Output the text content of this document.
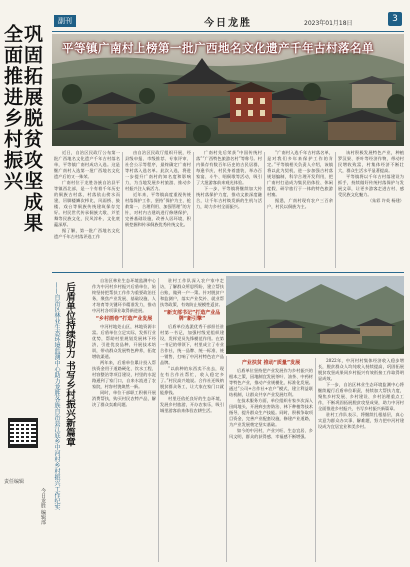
副刊	今日龙胜	2023年01月18日	3
巩固拓展脱贫攻坚成果
全面推进乡村振兴
责任编辑
今日龙胜 编辑部
平等镇广南村上榜第一批广西地名文化遗产千年古村落名单

近日，自治区民政厅公布第一批广西地名文化遗产千年古村落名单，平等镇广南村成功入选。这是继广南村入选第一批广西地名文化遗产后的又一殊荣。

广南村位于龙胜各族自治县平等镇西北部，是一个有着千年历史的侗族古村落，村落依山傍水而建，吊脚楼鳞次栉比，风雨桥、鼓楼、戏台等侗族传统建筑保存完好。村民世代传承侗族大歌、芦笙舞等民族文化，民风淳朴，文化底蕴深厚。

据了解，第一批广西地名文化遗产千年古村落评选工作

由自治区民政厅组织开展，经县级申报、市级推荐、专家评审、社会公示等程序，最终确定广南村等村落入选名单。此次入选，将进一步提升广南村的知名度和影响力，为当地发展乡村旅游、推动乡村振兴注入新活力。

近年来，平等镇高度重视传统村落保护工作，坚持“保护为主、抢救第一、合理利用、加强管理”的方针，对村内古建筑进行修缮保护，完善基础设施，改善人居环境，积极挖掘和传承侗族优秀传统文化。

广南村先后荣获“中国传统村落”“广西特色旅游名村”等称号。村内保存有数百年历史的古民居群，每逢节庆，村民身着盛装，举办百家宴、斗牛、唱侗歌等活动，吸引了大批游客前来观光体验。

下一步，平等镇将继续加大传统村落保护力度，推动文旅深度融合，让千年古村焕发新的生机与活力，助力乡村全面振兴。

“广南村入选千年古村落名单，是对我们多年来保护工作的肯定。”平等镇相关负责人介绍，该镇将以此为契机，进一步加强古村落规划编制，科学合理开发利用，把广南村打造成为集民俗体验、休闲度假、研学旅行于一体的特色旅游村寨。

据悉，广南村现有农户三百余户，村民以侗族为主。

该村积极发展特色产业，种植罗汉果、茶叶等经济作物，带动村民增收致富，村集体经济不断壮大，群众生活水平显著提高。

平等镇将以千年古村落建设为抓手，持续做好传统村落保护与发展文章，让更多游客走进古村、感受民族文化魅力。

（朱彩 许英 杨建）

后盾单位持续助力 书写乡村振兴新篇章
——自治区林业生态环境监测中心助力龙胜各族自治县江底乡中河村乡村振兴工作纪实

自治区林业生态环境监测中心作为中河村乡村振兴后盾单位，始终坚持把帮扶工作作为重要政治任务，聚焦产业发展、基础设施、人才培育等关键环节精准发力，推动中河村各项事业取得新进展。

“乡村画卷”打造产业发展

中河村地处山区，林地资源丰富。后盾单位立足实际，发挥行业优势，帮助村里规划发展林下经济，引进优良品种，开展技术培训，带动群众发展特色种养，拓宽增收渠道。

两年来，后盾单位累计投入帮扶资金用于道路硬化、饮水工程、村容整治等项目建设，村里的水泥路通到了家门口，自来水流进了农家院，村容村貌焕然一新。

同时，单位干部职工积极开展消费帮扶，购买村民农特产品，解决了群众卖难问题。

驻村工作队深入农户家中走访，了解群众所思所盼，建立帮扶台账，做到一户一策。针对脱贫户和监测户，落实产业奖补、就业帮扶等政策，有效防止规模性返贫。

“新支部书记”打造产业品牌“新引擎”

后盾单位选派优秀干部担任驻村第一书记，加强村级党组织建设，发挥党员先锋模范作用。在第一书记的带领下，村里成立了专业合作社，统一品牌、统一标准、统一销售，打响了中河村特色农产品品牌。

“以前种的东西卖不出去，现在有合作社帮忙，收入稳定多了。”村民高兴地说。合作社还吸纳脱贫群众务工，让大家在家门口就能挣钱。

村里还依托良好的生态环境，发展乡村旅游，开办农家乐，吸引城里游客前来体验农耕生活。

产业扶贫 推动“质量”发展

后盾单位坚持把产业发展作为乡村振兴的根本之策，因地制宜发展茶叶、油茶、中药材等特色产业，推动产业规模化、标准化发展。通过“公司+合作社+农户”模式，建立利益联结机制，让群众共享产业发展红利。

在技术服务方面，单位组织专家多次深入田间地头，开展病虫害防治、林下种植等技术指导，提升群众生产技能。同时，积极争取项目资金，完善产业配套设施，修建产业道路，为产业发展奠定坚实基础。

如今的中河村，产业兴旺、生态宜居、乡风文明，群众的获得感、幸福感不断增强。

2022年，中河村村集体经济收入稳步增长，脱贫群众人均纯收入持续提高，巩固拓展脱贫攻坚成果同乡村振兴有效衔接工作取得明显成效。

下一步，自治区林业生态环境监测中心将继续履行后盾单位职责，持续加大帮扶力度，聚焦乡村发展、乡村建设、乡村治理重点工作，不断巩固拓展脱贫攻坚成果，助力中河村全面推进乡村振兴，书写乡村振兴新篇章。

驻村工作队表示，将继续扎根基层，真心实意为群众办实事、解难题，努力把中河村建设成为宜居宜业和美乡村。
